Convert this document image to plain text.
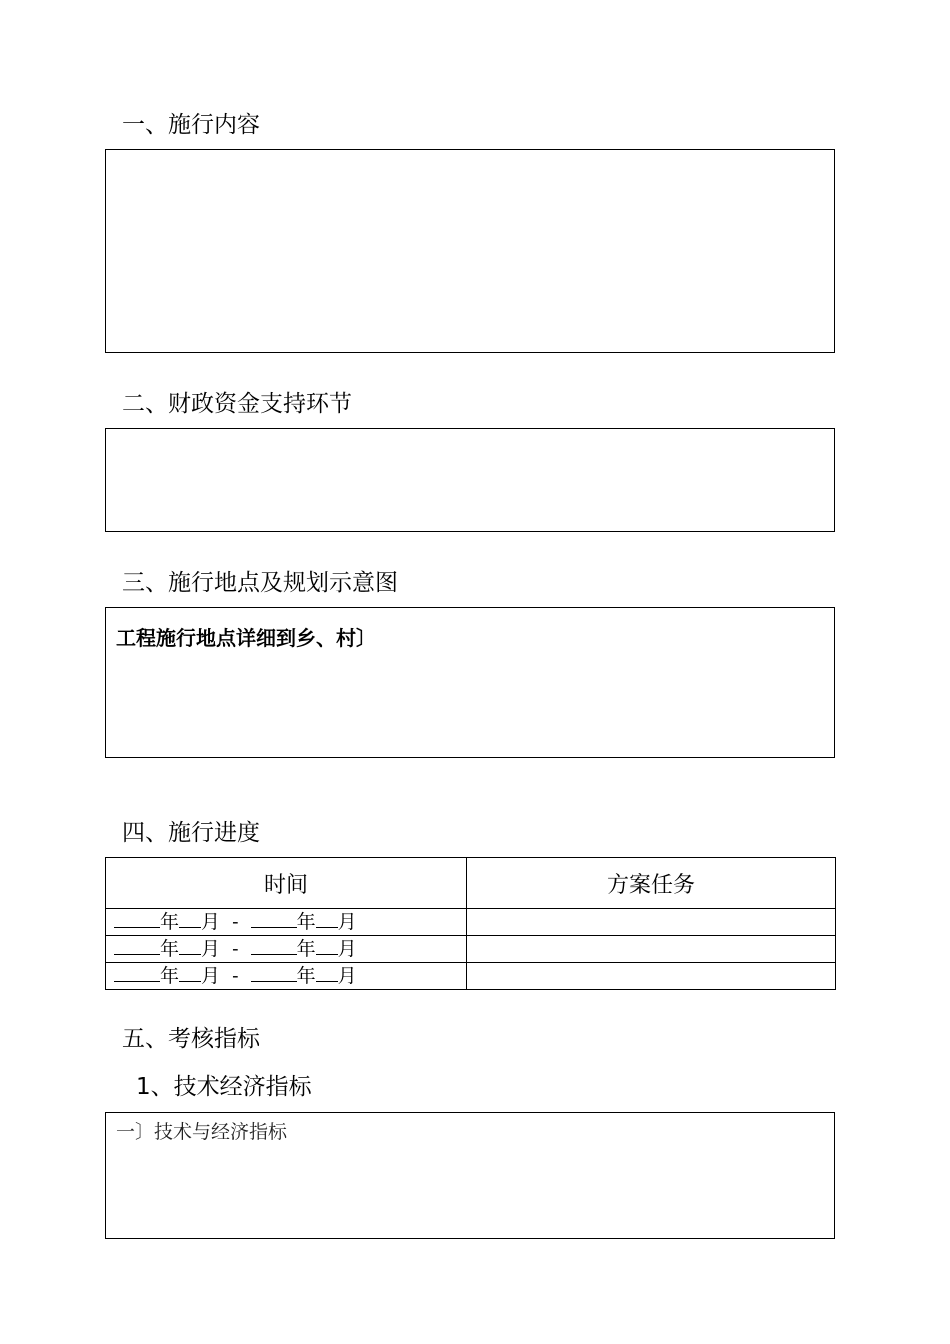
一、施行内容
二、财政资金支持环节
三、施行地点及规划示意图
工程施行地点详细到乡、村〕
四、施行进度
时间	方案任务
年 月 - 年 月	
年 月 - 年 月	
年 月 - 年 月	
五、考核指标
1、技术经济指标
一〕技术与经济指标
